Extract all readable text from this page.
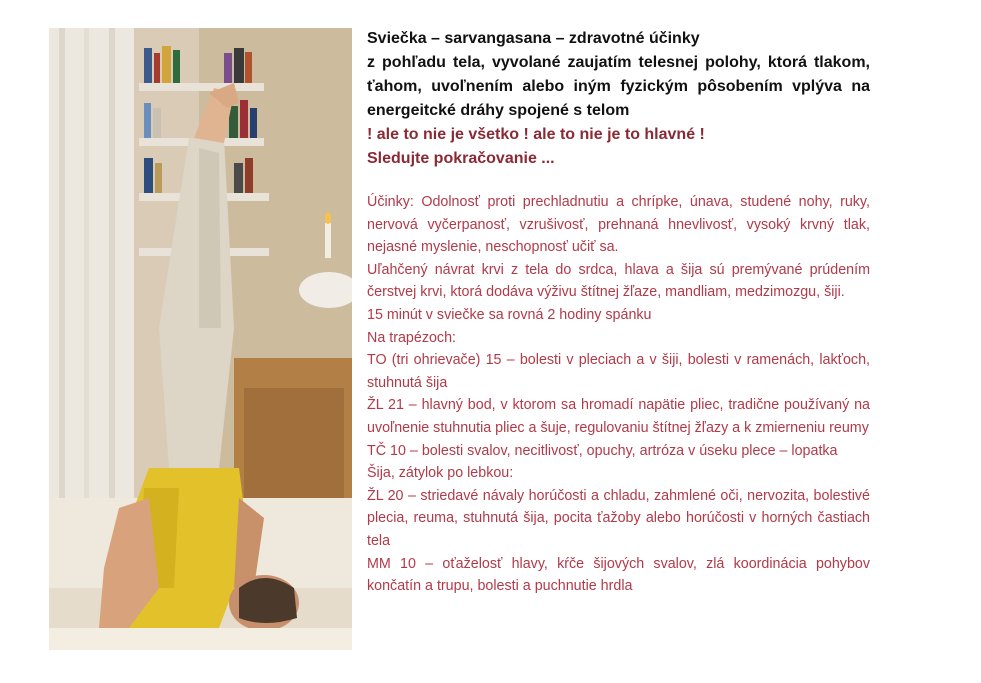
Sviečka – sarvangasana – zdravotné účinky

z pohľadu tela, vyvolané zaujatím telesnej polohy, ktorá tlakom, ťahom, uvoľnením alebo iným fyzickým pôsobením vplýva na energeitcké dráhy spojené s telom

! ale to nie je všetko ! ale to nie je to hlavné !

Sledujte pokračovanie ...

Účinky: Odolnosť proti prechladnutiu a chrípke, únava, studené nohy, ruky, nervová vyčerpanosť, vzrušivosť, prehnaná hnevlivosť, vysoký krvný tlak, nejasné myslenie, neschopnosť učiť sa.

Uľahčený návrat krvi z tela do srdca, hlava a šija sú premývané prúdením čerstvej krvi, ktorá dodáva výživu štítnej žľaze, mandliam, medzimozgu, šiji.

15 minút v sviečke sa rovná 2 hodiny spánku

Na trapézoch:

TO (tri ohrievače) 15 – bolesti v pleciach a v šiji, bolesti v ramenách, lakťoch, stuhnutá šija

ŽL 21 – hlavný bod, v ktorom sa hromadí napätie pliec, tradične používaný na uvoľnenie stuhnutia pliec a šuje, regulovaniu štítnej žľazy a k zmierneniu reumy

TČ 10 – bolesti svalov, necitlivosť, opuchy, artróza v úseku plece – lopatka

Šija, zátylok po lebkou:

ŽL 20 – striedavé návaly horúčosti a chladu, zahmlené oči, nervozita, bolestivé plecia, reuma, stuhnutá šija, pocita ťažoby alebo horúčosti v horných častiach tela

MM 10 – oťaželosť hlavy, kŕče šijových svalov, zlá koordinácia pohybov končatín a trupu, bolesti a puchnutie hrdla
